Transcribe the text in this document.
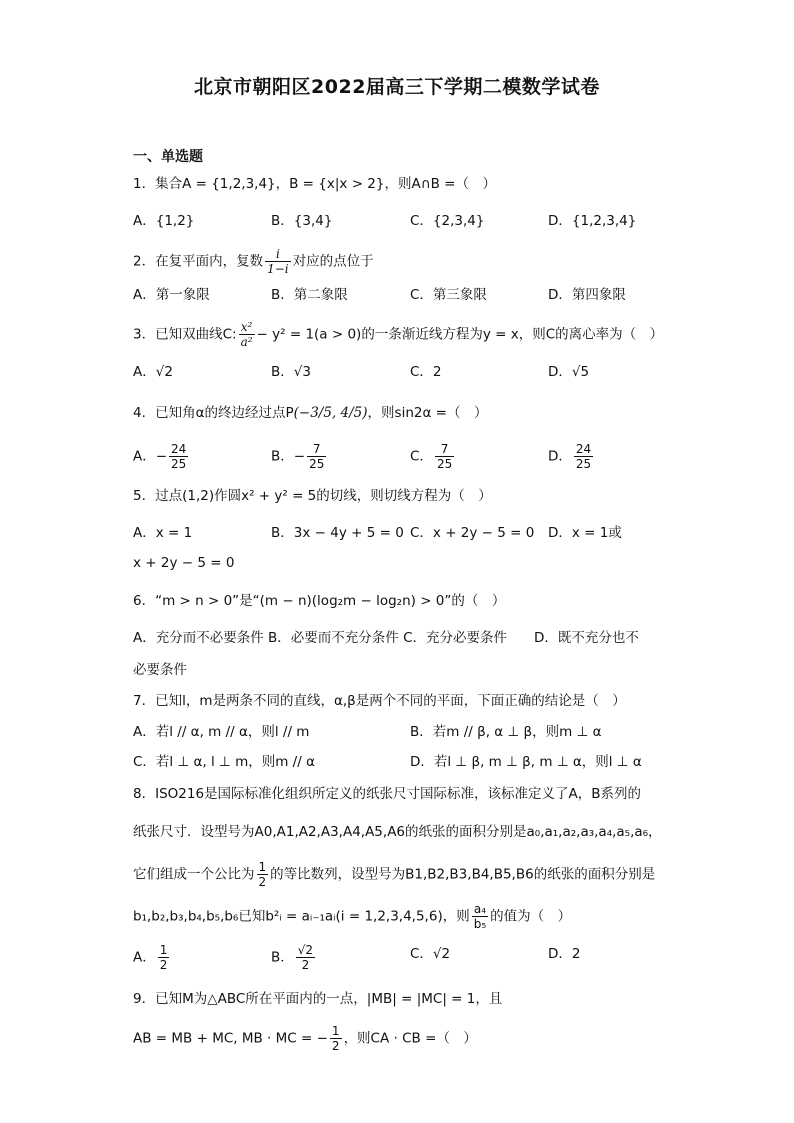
北京市朝阳区2022届高三下学期二模数学试卷
一、单选题
1．集合A = {1,2,3,4}，B = {x|x > 2}，则A∩B =（　）
A．{1,2}	B．{3,4}	C．{2,3,4}	D．{1,2,3,4}
2．在复平面内，复数 $\frac{i}{1-i}$ 对应的点位于
A．第一象限	B．第二象限	C．第三象限	D．第四象限
3．已知双曲线C: $\frac{\text{x²}}{\text{a²}} - y^2 = 1(a > 0)$的一条渐近线方程为y = x，则C的离心率为（　）
A．√2	B．√3	C．2	D．√5
4．已知角α的终边经过点P(−3/5, 4/5)，则sin2α =（　）
A．− $\frac{24}{25}$	B．− $\frac{7}{25}$	C． $\frac{7}{25}$	D． $\frac{24}{25}$
5．过点(1,2)作圆x² + y² = 5的切线，则切线方程为（　）
A．x = 1	B．3x − 4y + 5 = 0 C．x + 2y − 5 = 0 D．x = 1或
x + 2y − 5 = 0
6．“m > n > 0”是“(m − n)(log₂m − log₂n) > 0”的（　）
A．充分而不必要条件 B．必要而不充分条件 C．充分必要条件　　D．既不充分也不
必要条件
7．已知l，m是两条不同的直线，α,β是两个不同的平面，下面正确的结论是（　）
A．若l // α, m // α，则l // m	B．若m // β, α ⊥ β，则m ⊥ α
C．若l ⊥ α, l ⊥ m，则m // α	D．若l ⊥ β, m ⊥ β, m ⊥ α，则l ⊥ α
8．ISO216是国际标准化组织所定义的纸张尺寸国际标准，该标准定义了A，B系列的
纸张尺寸．设型号为A0,A1,A2,A3,A4,A5,A6的纸张的面积分别是a₀,a₁,a₂,a₃,a₄,a₅,a₆，
它们组成一个公比为 $\frac{1}{2}$ 的等比数列，设型号为B1,B2,B3,B4,B5,B6的纸张的面积分别是
b₁,b₂,b₃,b₄,b₅,b₆已知b²ᵢ = aᵢ₋₁aᵢ(i = 1,2,3,4,5,6)，则 $\frac{\text{a₄}}{\text{b₅}}$ 的值为（　）
A． $\frac{1}{2}$	B． $\frac{√2}{2}$	C．√2	D．2
9．已知M为△ABC所在平面内的一点，|MB| = |MC| = 1，且
AB = MB + MC, MB · MC = − $\frac{1}{2}$ ，则CA · CB =（　）
